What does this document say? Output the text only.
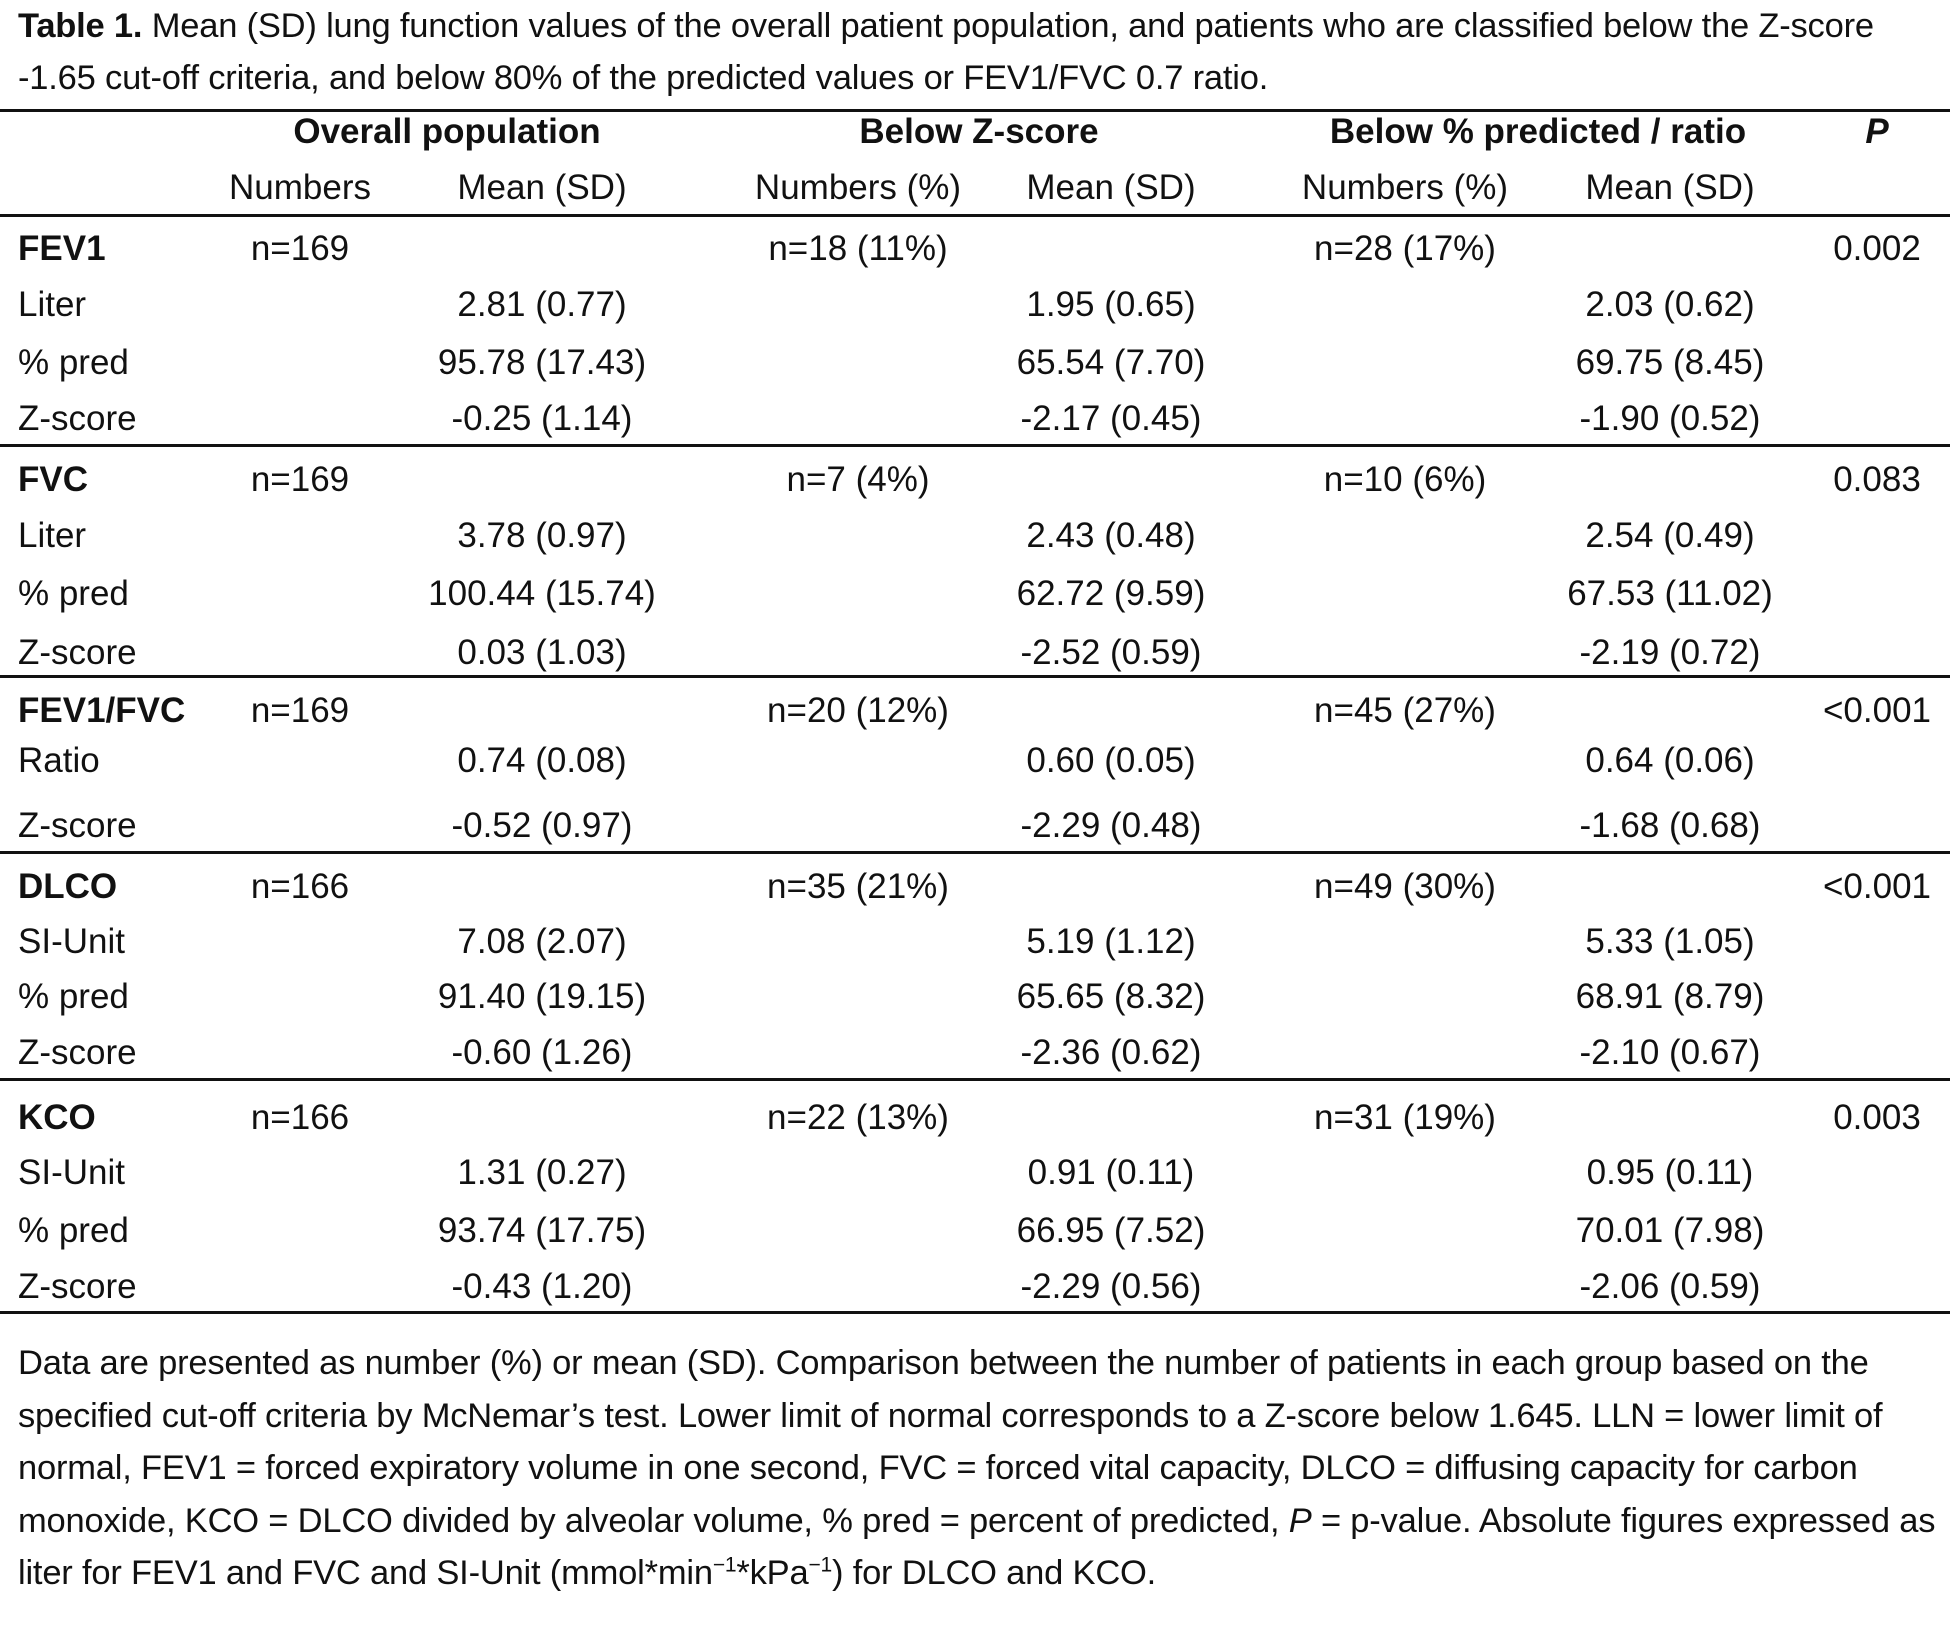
Table 1. Mean (SD) lung function values of the overall patient population, and patients who are classified below the Z-score -1.65 cut-off criteria, and below 80% of the predicted values or FEV1/FVC 0.7 ratio.
Overall population	Below Z-score	Below % predicted / ratio	P
Numbers Mean (SD)	Numbers (%) Mean (SD)	Numbers (%) Mean (SD)
FEV1	n=169	n=18 (11%)	n=28 (17%)	0.002
Liter	2.81 (0.77)	1.95 (0.65)	2.03 (0.62)
% pred	95.78 (17.43)	65.54 (7.70)	69.75 (8.45)
Z-score	-0.25 (1.14)	-2.17 (0.45)	-1.90 (0.52)
FVC	n=169	n=7 (4%)	n=10 (6%)	0.083
Liter	3.78 (0.97)	2.43 (0.48)	2.54 (0.49)
% pred	100.44 (15.74)	62.72 (9.59)	67.53 (11.02)
Z-score	0.03 (1.03)	-2.52 (0.59)	-2.19 (0.72)
FEV1/FVC n=169	n=20 (12%)	n=45 (27%)	<0.001
Ratio	0.74 (0.08)	0.60 (0.05)	0.64 (0.06)
Z-score	-0.52 (0.97)	-2.29 (0.48)	-1.68 (0.68)
DLCO	n=166	n=35 (21%)	n=49 (30%)	<0.001
SI-Unit	7.08 (2.07)	5.19 (1.12)	5.33 (1.05)
% pred	91.40 (19.15)	65.65 (8.32)	68.91 (8.79)
Z-score	-0.60 (1.26)	-2.36 (0.62)	-2.10 (0.67)
KCO	n=166	n=22 (13%)	n=31 (19%)	0.003
SI-Unit	1.31 (0.27)	0.91 (0.11)	0.95 (0.11)
% pred	93.74 (17.75)	66.95 (7.52)	70.01 (7.98)
Z-score	-0.43 (1.20)	-2.29 (0.56)	-2.06 (0.59)
Data are presented as number (%) or mean (SD). Comparison between the number of patients in each group based on the specified cut-off criteria by McNemar’s test. Lower limit of normal corresponds to a Z-score below 1.645. LLN = lower limit of normal, FEV1 = forced expiratory volume in one second, FVC = forced vital capacity, DLCO = diffusing capacity for carbon monoxide, KCO = DLCO divided by alveolar volume, % pred = percent of predicted, P = p-value. Absolute figures expressed as liter for FEV1 and FVC and SI-Unit $(mmol*\min^{-1}*kPa^{-1})$ for DLCO and KCO.
